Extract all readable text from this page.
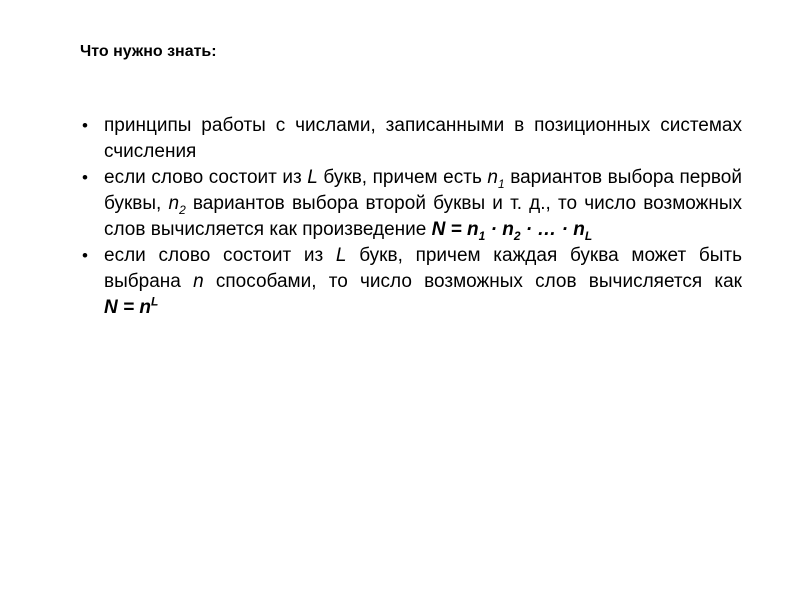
Что нужно знать:
• принципы работы с числами, записанными в позиционных системах счисления
• если слово состоит из L букв, причем есть $n_1$ вариантов выбора первой буквы, $n_2$ вариантов выбора второй буквы и т. д., то число возможных слов вычисляется как произведение $N = n_1 \cdot n_2$ · … · $n_L$
• если слово состоит из L букв, причем каждая буква может быть выбрана n способами, то число возможных слов вычисляется как $N = n^L$
